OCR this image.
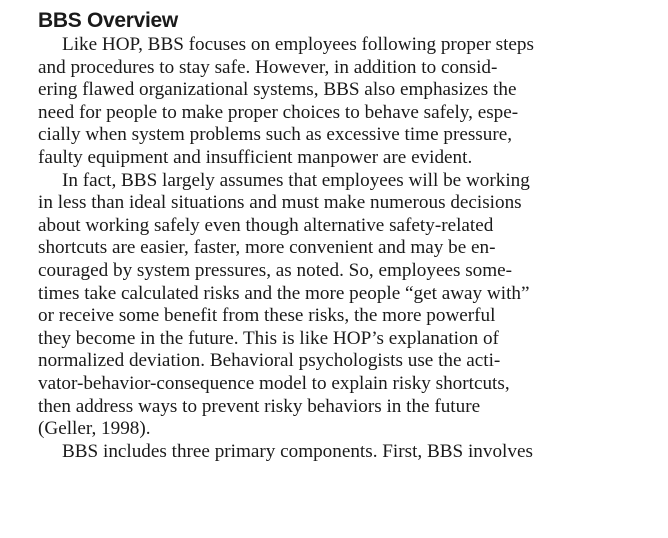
BBS Overview

Like HOP, BBS focuses on employees following proper steps
and procedures to stay safe. However, in addition to consid-
ering flawed organizational systems, BBS also emphasizes the
need for people to make proper choices to behave safely, espe-
cially when system problems such as excessive time pressure,
faulty equipment and insufficient manpower are evident.

In fact, BBS largely assumes that employees will be working
in less than ideal situations and must make numerous decisions
about working safely even though alternative safety-related
shortcuts are easier, faster, more convenient and may be en-
couraged by system pressures, as noted. So, employees some-
times take calculated risks and the more people “get away with”
or receive some benefit from these risks, the more powerful
they become in the future. This is like HOP’s explanation of
normalized deviation. Behavioral psychologists use the acti-
vator-behavior-consequence model to explain risky shortcuts,
then address ways to prevent risky behaviors in the future
(Geller, 1998).

BBS includes three primary components. First, BBS involves
